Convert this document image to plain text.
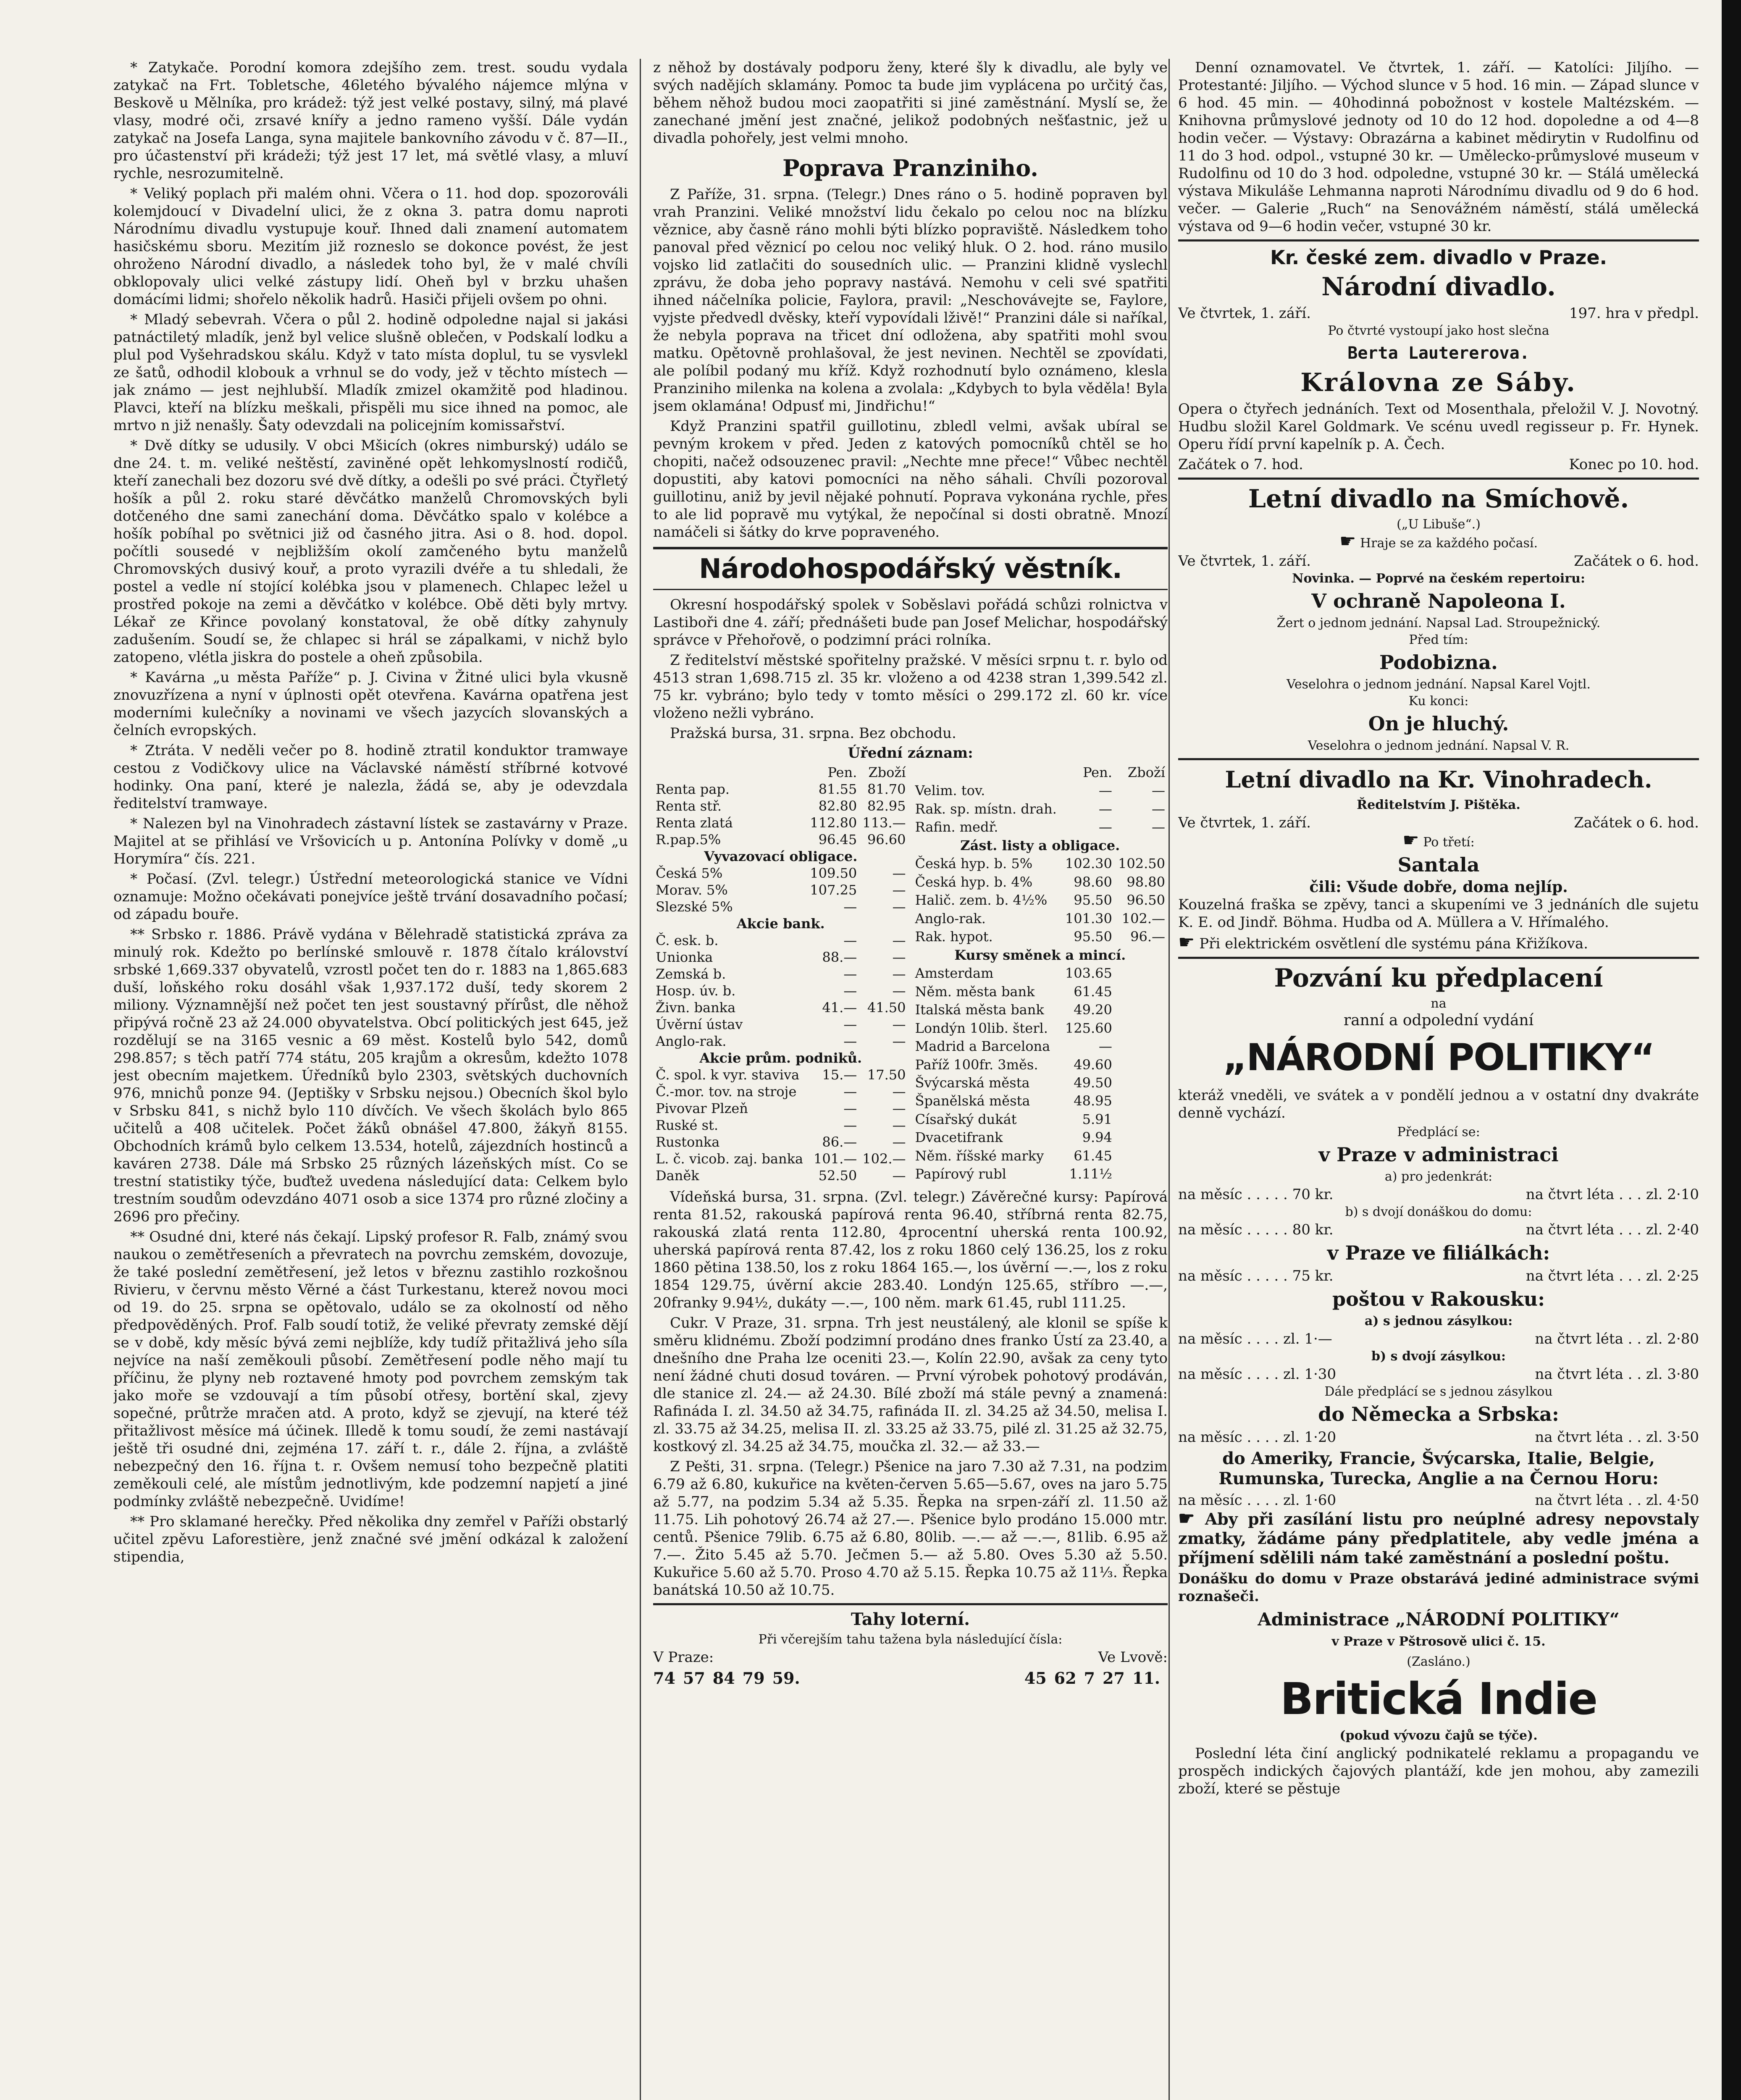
* Zatykače. Porodní komora zdejšího zem. trest. soudu vydala zatykač na Frt. Tobletsche, 46letého bývalého nájemce mlýna v Beskově u Mělníka, pro krádež: týž jest velké postavy, silný, má plavé vlasy, modré oči, zrsavé knířy a jedno rameno vyšší. Dále vydán zatykač na Josefa Langa, syna majitele bankovního závodu v č. 87—II., pro účastenství při krádeži; týž jest 17 let, má světlé vlasy, a mluví rychle, nesrozumitelně.

* Veliký poplach při malém ohni. Včera o 11. hod dop. spozorováli kolemjdoucí v Divadelní ulici, že z okna 3. patra domu naproti Národnímu divadlu vystupuje kouř. Ihned dali znamení automatem hasičskému sboru. Mezitím již rozneslo se dokonce povést, že jest ohroženo Národní divadlo, a následek toho byl, že v malé chvíli obklopovaly ulici velké zástupy lidí. Oheň byl v brzku uhašen domácími lidmi; shořelo několik hadrů. Hasiči přijeli ovšem po ohni.

* Mladý sebevrah. Včera o půl 2. hodině odpoledne najal si jakási patnáctiletý mladík, jenž byl velice slušně oblečen, v Podskalí lodku a plul pod Vyšehradskou skálu. Když v tato místa doplul, tu se vysvlekl ze šatů, odhodil klobouk a vrhnul se do vody, jež v těchto místech — jak známo — jest nejhlubší. Mladík zmizel okamžitě pod hladinou. Plavci, kteří na blízku meškali, přispěli mu sice ihned na pomoc, ale mrtvo n již nenašly. Šaty odevzdali na policejním komissařství.

* Dvě dítky se udusily. V obci Mšicích (okres nimburský) událo se dne 24. t. m. veliké neštěstí, zaviněné opět lehkomyslností rodičů, kteří zanechali bez dozoru své dvě dítky, a odešli po své práci. Čtyřletý hošík a půl 2. roku staré děvčátko manželů Chromovských byli dotčeného dne sami zanechání doma. Děvčátko spalo v kolébce a hošík pobíhal po světnici již od časného jitra. Asi o 8. hod. dopol. počítli sousedé v nejbližším okolí zamčeného bytu manželů Chromovských dusivý kouř, a proto vyrazili dvéře a tu shledali, že postel a vedle ní stojící kolébka jsou v plamenech. Chlapec ležel u prostřed pokoje na zemi a děvčátko v kolébce. Obě děti byly mrtvy. Lékař ze Křince povolaný konstatoval, že obě dítky zahynuly zadušením. Soudí se, že chlapec si hrál se zápalkami, v nichž bylo zatopeno, vlétla jiskra do postele a oheň způsobila.

* Kavárna „u města Paříže“ p. J. Civina v Žitné ulici byla vkusně znovuzřízena a nyní v úplnosti opět otevřena. Kavárna opatřena jest moderními kulečníky a novinami ve všech jazycích slovanských a čelních evropských.

* Ztráta. V neděli večer po 8. hodině ztratil konduktor tramwaye cestou z Vodičkovy ulice na Václavské náměstí stříbrné kotvové hodinky. Ona paní, které je nalezla, žádá se, aby je odevzdala ředitelství tramwaye.

* Nalezen byl na Vinohradech zástavní lístek se zastavárny v Praze. Majitel at se přihlásí ve Vršovicích u p. Antonína Polívky v domě „u Horymíra“ čís. 221.

* Počasí. (Zvl. telegr.) Ústřední meteorologická stanice ve Vídni oznamuje: Možno očekávati ponejvíce ještě trvání dosavadního počasí; od západu bouře.

** Srbsko r. 1886. Právě vydána v Bělehradě statistická zpráva za minulý rok. Kdežto po berlínské smlouvě r. 1878 čítalo království srbské 1,669.337 obyvatelů, vzrostl počet ten do r. 1883 na 1,865.683 duší, loňského roku dosáhl však 1,937.172 duší, tedy skorem 2 miliony. Významnější než počet ten jest soustavný přírůst, dle něhož připývá ročně 23 až 24.000 obyvatelstva. Obcí politických jest 645, jež rozdělují se na 3165 vesnic a 69 měst. Kostelů bylo 542, domů 298.857; s těch patří 774 státu, 205 krajům a okresům, kdežto 1078 jest obecním majetkem. Úředníků bylo 2303, světských duchovních 976, mnichů ponze 94. (Jeptišky v Srbsku nejsou.) Obecních škol bylo v Srbsku 841, s nichž bylo 110 dívčích. Ve všech školách bylo 865 učitelů a 408 učitelek. Počet žáků obnášel 47.800, žákyň 8155. Obchodních krámů bylo celkem 13.534, hotelů, zájezdních hostinců a kaváren 2738. Dále má Srbsko 25 různých lázeňských míst. Co se trestní statistiky týče, buďtež uvedena následující data: Celkem bylo trestním soudům odevzdáno 4071 osob a sice 1374 pro různé zločiny a 2696 pro přečiny.

** Osudné dni, které nás čekají. Lipský profesor R. Falb, známý svou naukou o zemětřeseních a převratech na povrchu zemském, dovozuje, že také poslední zemětřesení, jež letos v březnu zastihlo rozkošnou Rivieru, v červnu město Věrné a část Turkestanu, kterež novou moci od 19. do 25. srpna se opětovalo, událo se za okolností od něho předpověděných. Prof. Falb soudí totiž, že veliké převraty zemské dějí se v době, kdy měsíc bývá zemi nejblíže, kdy tudíž přitažlivá jeho síla nejvíce na naší zeměkouli působí. Zemětřesení podle něho mají tu příčinu, že plyny neb roztavené hmoty pod povrchem zemským tak jako moře se vzdouvají a tím působí otřesy, bortění skal, zjevy sopečné, průtrže mračen atd. A proto, když se zjevují, na které též přitažlivost měsíce má účinek. Illedě k tomu soudí, že zemi nastávají ještě tři osudné dni, zejména 17. září t. r., dále 2. října, a zvláště nebezpečný den 16. října t. r. Ovšem nemusí toho bezpečně platiti zeměkouli celé, ale místům jednotlivým, kde podzemní napjetí a jiné podmínky zvláště nebezpečně. Uvidíme!

** Pro sklamané herečky. Před několika dny zemřel v Paříži obstarlý učitel zpěvu Laforestière, jenž značné své jmění odkázal k založení stipendia,

z něhož by dostávaly podporu ženy, které šly k divadlu, ale byly ve svých nadějích sklamány. Pomoc ta bude jim vyplácena po určitý čas, během něhož budou moci zaopatřiti si jiné zaměstnání. Myslí se, že zanechané jmění jest značné, jelikož podobných nešťastnic, jež u divadla pohořely, jest velmi mnoho.

Poprava Pranziniho.

Z Paříže, 31. srpna. (Telegr.) Dnes ráno o 5. hodině popraven byl vrah Pranzini. Veliké množství lidu čekalo po celou noc na blízku věznice, aby časně ráno mohli býti blízko popraviště. Následkem toho panoval před věznicí po celou noc veliký hluk. O 2. hod. ráno musilo vojsko lid zatlačiti do sousedních ulic. — Pranzini klidně vyslechl zprávu, že doba jeho popravy nastává. Nemohu v celi své spatřiti ihned náčelníka policie, Faylora, pravil: „Neschovávejte se, Faylore, vyjste předvedl dvěsky, kteří vypovídali lživě!“ Pranzini dále si naříkal, že nebyla poprava na třicet dní odložena, aby spatřiti mohl svou matku. Opětovně prohlašoval, že jest nevinen. Nechtěl se zpovídati, ale políbil podaný mu kříž. Když rozhodnutí bylo oznámeno, klesla Pranziniho milenka na kolena a zvolala: „Kdybych to byla věděla! Byla jsem oklamána! Odpusť mi, Jindřichu!“

Když Pranzini spatřil guillotinu, zbledl velmi, avšak ubíral se pevným krokem v před. Jeden z katových pomocníků chtěl se ho chopiti, načež odsouzenec pravil: „Nechte mne přece!“ Vůbec nechtěl dopustiti, aby katovi pomocníci na něho sáhali. Chvíli pozoroval guillotinu, aniž by jevil nějaké pohnutí. Poprava vykonána rychle, přes to ale lid popravě mu vytýkal, že nepočínal si dosti obratně. Mnozí namáčeli si šátky do krve popraveného.

Národohospodářský věstník.

Okresní hospodářský spolek v Soběslavi pořádá schůzi rolnictva v Lastiboři dne 4. září; přednášeti bude pan Josef Melichar, hospodářský správce v Přehořově, o podzimní práci rolníka.

Z ředitelství městské spořitelny pražské. V měsíci srpnu t. r. bylo od 4513 stran 1,698.715 zl. 35 kr. vloženo a od 4238 stran 1,399.542 zl. 75 kr. vybráno; bylo tedy v tomto měsíci o 299.172 zl. 60 kr. více vloženo nežli vybráno.

Pražská bursa, 31. srpna. Bez obchodu.

Úřední záznam:
	Pen.	Zboží
Renta pap.	81.55	81.70
Renta stř.	82.80	82.95
Renta zlatá	112.80	113.—
R.pap.5%	96.45	96.60
Vyvazovací obligace.		
Česká 5%	109.50	—
Morav. 5%	107.25	—
Slezské 5%	—	—
Akcie bank.		
Č. esk. b.	—	—
Unionka	88.—	—
Zemská b.	—	—
Hosp. úv. b.	—	—
Živn. banka	41.—	41.50
Úvěrní ústav	—	—
Anglo-rak.	—	—
Akcie prům. podniků.		
Č. spol. k vyr. staviva	15.—	17.50
Č.-mor. tov. na stroje	—	—
Pivovar Plzeň	—	—
Ruské st.	—	—
Rustonka	86.—	—
L. č. vicob. zaj. banka	101.—	102.—
Daněk	52.50	—
	Pen.	Zboží
Velim. tov.	—	—
Rak. sp. místn. drah.	—	—
Rafin. medř.	—	—
Zást. listy a obligace.		
Česká hyp. b. 5%	102.30	102.50
Česká hyp. b. 4%	98.60	98.80
Halič. zem. b. 4½%	95.50	96.50
Anglo-rak.	101.30	102.—
Rak. hypot.	95.50	96.—
Kursy směnek a mincí.		
Amsterdam	103.65	
Něm. města bank	61.45	
Italská města bank	49.20	
Londýn 10lib. šterl.	125.60	
Madrid a Barcelona	—	
Paříž 100fr. 3měs.	49.60	
Švýcarská města	49.50	
Španělská města	48.95	
Císařský dukát	5.91	
Dvacetifrank	9.94	
Něm. říšské marky	61.45	
Papírový rubl	1.11½	

Vídeňská bursa, 31. srpna. (Zvl. telegr.) Závěrečné kursy: Papírová renta 81.52, rakouská papírová renta 96.40, stříbrná renta 82.75, rakouská zlatá renta 112.80, 4procentní uherská renta 100.92, uherská papírová renta 87.42, los z roku 1860 celý 136.25, los z roku 1860 pětina 138.50, los z roku 1864 165.—, los úvěrní —.—, los z roku 1854 129.75, úvěrní akcie 283.40. Londýn 125.65, stříbro —.—, 20franky 9.94½, dukáty —.—, 100 něm. mark 61.45, rubl 111.25.

Cukr. V Praze, 31. srpna. Trh jest neustálený, ale klonil se spíše k směru klidnému. Zboží podzimní prodáno dnes franko Ústí za 23.40, a dnešního dne Praha lze oceniti 23.—, Kolín 22.90, avšak za ceny tyto není žádné chuti dosud továren. — První výrobek pohotový prodáván, dle stanice zl. 24.— až 24.30. Bílé zboží má stále pevný a znamená: Rafináda I. zl. 34.50 až 34.75, rafináda II. zl. 34.25 až 34.50, melisa I. zl. 33.75 až 34.25, melisa II. zl. 33.25 až 33.75, pilé zl. 31.25 až 32.75, kostkový zl. 34.25 až 34.75, moučka zl. 32.— až 33.—

Z Pešti, 31. srpna. (Telegr.) Pšenice na jaro 7.30 až 7.31, na podzim 6.79 až 6.80, kukuřice na květen-červen 5.65—5.67, oves na jaro 5.75 až 5.77, na podzim 5.34 až 5.35. Řepka na srpen-září zl. 11.50 až 11.75. Lih pohotový 26.74 až 27.—. Pšenice bylo prodáno 15.000 mtr. centů. Pšenice 79lib. 6.75 až 6.80, 80lib. —.— až —.—, 81lib. 6.95 až 7.—. Žito 5.45 až 5.70. Ječmen 5.— až 5.80. Oves 5.30 až 5.50. Kukuřice 5.60 až 5.70. Proso 4.70 až 5.15. Řepka 10.75 až 11⅓. Řepka banátská 10.50 až 10.75.

Tahy loterní.
Při včerejším tahu tažena byla následující čísla:
V Praze:	Ve Lvově:
74 57 84 79 59.	45 62 7 27 11.

Denní oznamovatel. Ve čtvrtek, 1. září. — Katolíci: Jiljího. — Protestanté: Jiljího. — Východ slunce v 5 hod. 16 min. — Západ slunce v 6 hod. 45 min. — 40hodinná pobožnost v kostele Maltézském. — Knihovna průmyslové jednoty od 10 do 12 hod. dopoledne a od 4—8 hodin večer. — Výstavy: Obrazárna a kabinet mědirytin v Rudolfinu od 11 do 3 hod. odpol., vstupné 30 kr. — Umělecko-průmyslové museum v Rudolfinu od 10 do 3 hod. odpoledne, vstupné 30 kr. — Stálá umělecká výstava Mikuláše Lehmanna naproti Národnímu divadlu od 9 do 6 hod. večer. — Galerie „Ruch“ na Senovážném náměstí, stálá umělecká výstava od 9—6 hodin večer, vstupné 30 kr.

Kr. české zem. divadlo v Praze.
Národní divadlo.
Ve čtvrtek, 1. září.	197. hra v předpl.
Po čtvrté vystoupí jako host slečna
Berta Lautererova.
Královna ze Sáby.

Opera o čtyřech jednáních. Text od Mosenthala, přeložil V. J. Novotný. Hudbu složil Karel Goldmark. Ve scénu uvedl regisseur p. Fr. Hynek. Operu řídí první kapelník p. A. Čech.

Začátek o 7. hod.	Konec po 10. hod.
Letní divadlo na Smíchově.
(„U Libuše“.)
☛ Hraje se za každého počasí.
Ve čtvrtek, 1. září.	Začátek o 6. hod.
Novinka. — Poprvé na českém repertoiru:
V ochraně Napoleona I.
Žert o jednom jednání. Napsal Lad. Stroupežnický.
Před tím:
Podobizna.
Veselohra o jednom jednání. Napsal Karel Vojtl.
Ku konci:
On je hluchý.
Veselohra o jednom jednání. Napsal V. R.
Letní divadlo na Kr. Vinohradech.
Ředitelstvím J. Pištěka.
Ve čtvrtek, 1. září.	Začátek o 6. hod.
☛ Po třetí:
Santala
čili: Všude dobře, doma nejlíp.

Kouzelná fraška se zpěvy, tanci a skupeními ve 3 jednáních dle sujetu K. E. od Jindř. Böhma. Hudba od A. Müllera a V. Hřímalého.

☛ Při elektrickém osvětlení dle systému pána Křižíkova.

Pozvání ku předplacení
na
ranní a odpolední vydání
„NÁRODNÍ POLITIKY“

kteráž vneděli, ve svátek a v pondělí jednou a v ostatní dny dvakráte denně vychází.

Předplácí se:
v Praze v administraci
a) pro jedenkrát:
na měsíc . . . . . 70 kr.	na čtvrt léta . . . zl. 2·10
b) s dvojí donáškou do domu:
na měsíc . . . . . 80 kr.	na čtvrt léta . . . zl. 2·40
v Praze ve filiálkách:
na měsíc . . . . . 75 kr.	na čtvrt léta . . . zl. 2·25
poštou v Rakousku:
a) s jednou zásylkou:
na měsíc . . . . zl. 1·—	na čtvrt léta . . zl. 2·80
b) s dvojí zásylkou:
na měsíc . . . . zl. 1·30	na čtvrt léta . . zl. 3·80
Dále předplácí se s jednou zásylkou
do Německa a Srbska:
na měsíc . . . . zl. 1·20	na čtvrt léta . . zl. 3·50
do Ameriky, Francie, Švýcarska, Italie, Belgie, Rumunska, Turecka, Anglie a na Černou Horu:
na měsíc . . . . zl. 1·60	na čtvrt léta . . zl. 4·50

☛ Aby při zasílání listu pro neúplné adresy nepovstaly zmatky, žádáme pány předplatitele, aby vedle jména a příjmení sdělili nám také zaměstnání a poslední poštu.

Donášku do domu v Praze obstarává jediné administrace svými roznašeči.

Administrace „NÁRODNÍ POLITIKY“
v Praze v Pštrosově ulici č. 15.
(Zasláno.)
Britická Indie
(pokud vývozu čajů se týče).

Poslední léta činí anglický podnikatelé reklamu a propagandu ve prospěch indických čajových plantáží, kde jen mohou, aby zamezili zboží, které se pěstuje
